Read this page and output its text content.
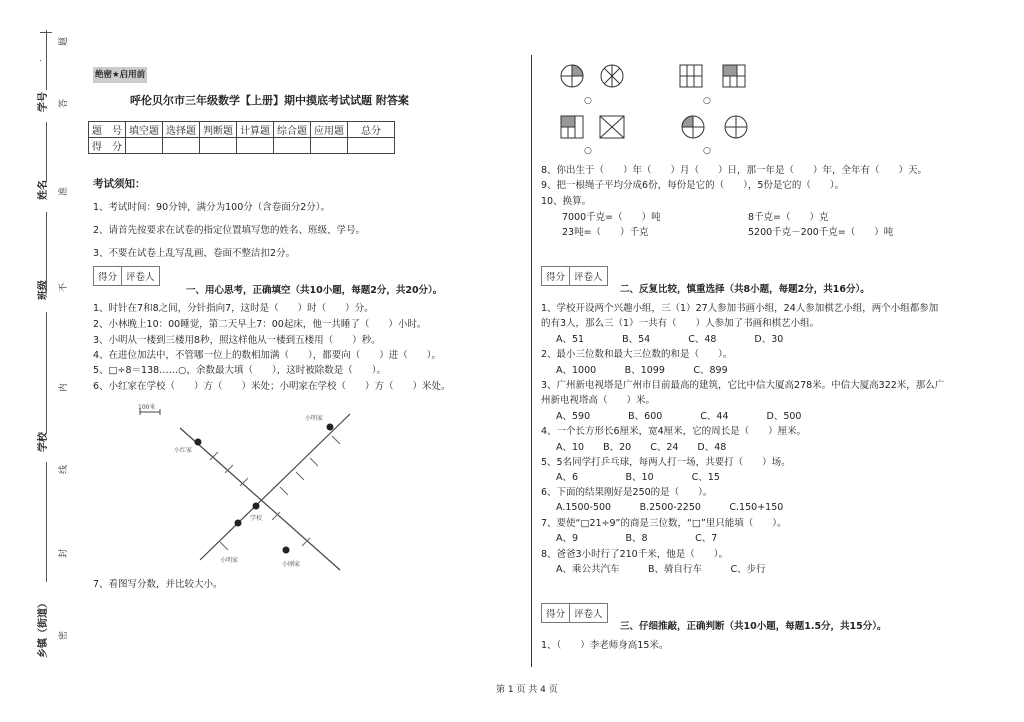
题
学号	答
姓名	准
班级	不
内
学校
线
封
乡镇（街道）	密
绝密★启用前
呼伦贝尔市三年级数学【上册】期中摸底考试试题 附答案
题　号	填空题	选择题	判断题	计算题	综合题	应用题	总分
得　分							
考试须知：
1、考试时间：90分钟，满分为100分（含卷面分2分）。
2、请首先按要求在试卷的指定位置填写您的姓名、班级、学号。
3、不要在试卷上乱写乱画，卷面不整洁扣2分。
得分 评卷人
一、用心思考，正确填空（共10小题，每题2分，共20分）。
1、时针在7和8之间，分针指向7，这时是（　　）时（　　）分。
2、小林晚上10：00睡觉，第二天早上7：00起床，他一共睡了（　　）小时。
3、小明从一楼到三楼用8秒，照这样他从一楼到五楼用（　　）秒。
4、在进位加法中，不管哪一位上的数相加满（　　），都要向（　　）进（　　）。
5、□÷8＝138……○，余数最大填（　　），这时被除数是（　　）。
6、小红家在学校（　　）方（　　）米处；小明家在学校（　　）方（　　）米处。
100米
小明家
小红家
学校
小明家
小刚家
7、看图写分数，并比较大小。
○	○
○	○
8、你出生于（　　）年（　　）月（　　）日，那一年是（　　）年，全年有（　　）天。
9、把一根绳子平均分成6份，每份是它的（　　），5份是它的（　　）。
10、换算。
7000千克=（　　）吨	8千克=（　　）克
23吨=（　　）千克	5200千克－200千克=（　　）吨
得分 评卷人
二、反复比较，慎重选择（共8小题，每题2分，共16分）。
1、学校开设两个兴趣小组，三（1）27人参加书画小组，24人参加棋艺小组，两个小组都参加
的有3人，那么三（1）一共有（　　）人参加了书画和棋艺小组。
A、51　　　　B、54　　　　C、48　　　　D、30
2、最小三位数和最大三位数的和是（　　）。
A、1000　　　B、1099　　　C、899
3、广州新电视塔是广州市目前最高的建筑，它比中信大厦高278米。中信大厦高322米，那么广
州新电视塔高（　　）米。
A、590　　　　B、600　　　　C、44　　　　D、500
4、一个长方形长6厘米，宽4厘米，它的周长是（　　）厘米。
A、10　　B、20　　C、24　　D、48
5、5名同学打乒乓球，每两人打一场，共要打（　　）场。
A、6　　　　　B、10　　　　C、15
6、下面的结果刚好是250的是（　　）。
A.1500-500　　　B.2500-2250　　　C.150+150
7、要使“□21÷9”的商是三位数，“□”里只能填（　　）。
A、9　　　　　B、8　　　　　C、7
8、爸爸3小时行了210千米，他是（　　）。
A、乘公共汽车　　　B、骑自行车　　　C、步行
得分 评卷人
三、仔细推敲，正确判断（共10小题，每题1.5分，共15分）。
1、（　　）李老师身高15米。
第 1 页 共 4 页
